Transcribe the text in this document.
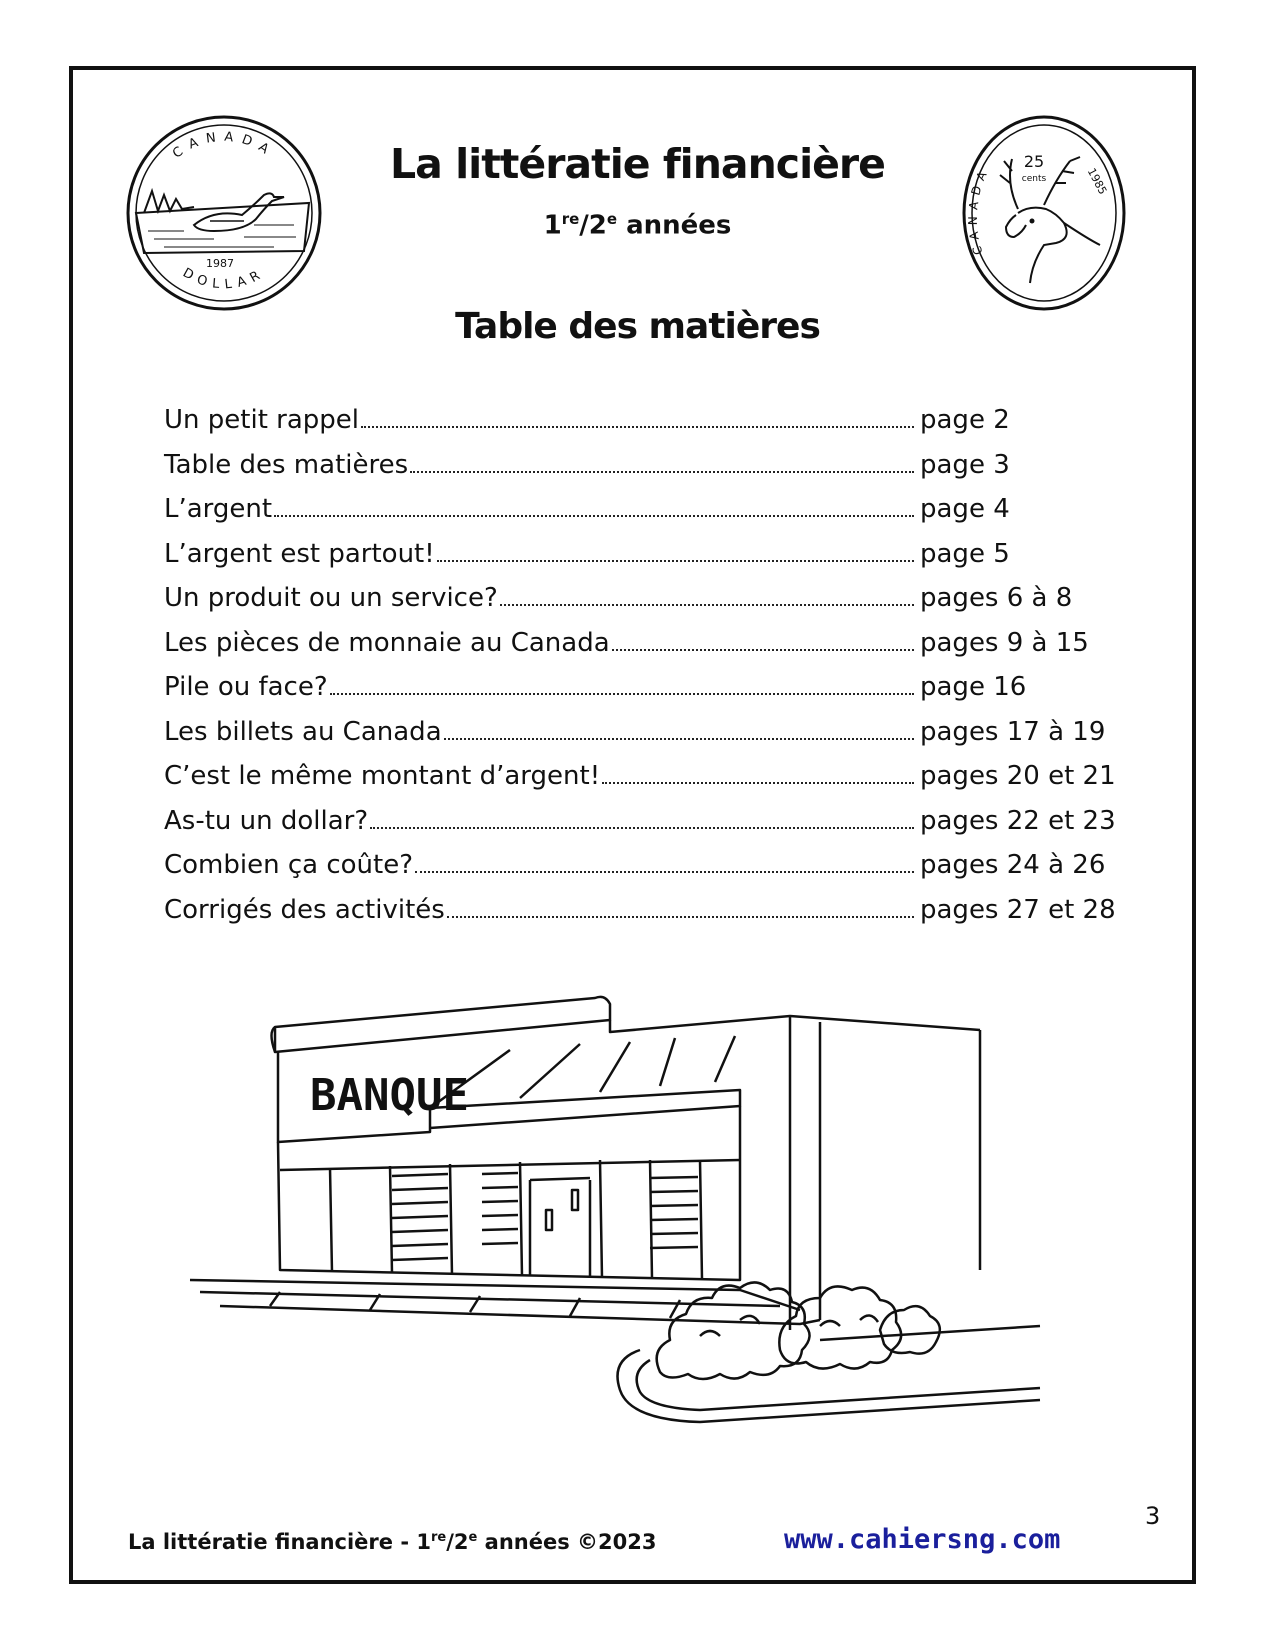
CANADA
DOLLAR
1987
CANADA
25
cents	1985
La littératie financière
1re/2e années
Table des matières
Un petit rappel	page 2
Table des matières	page 3
L’argent	page 4
L’argent est partout!	page 5
Un produit ou un service?	pages 6 à 8
Les pièces de monnaie au Canada	pages 9 à 15
Pile ou face?	page 16
Les billets au Canada	pages 17 à 19
C’est le même montant d’argent!	pages 20 et 21
As-tu un dollar?	pages 22 et 23
Combien ça coûte?	pages 24 à 26
Corrigés des activités	pages 27 et 28
BANQUE
La littératie financière - 1re/2e années ©2023	www.cahiersng.com
3
